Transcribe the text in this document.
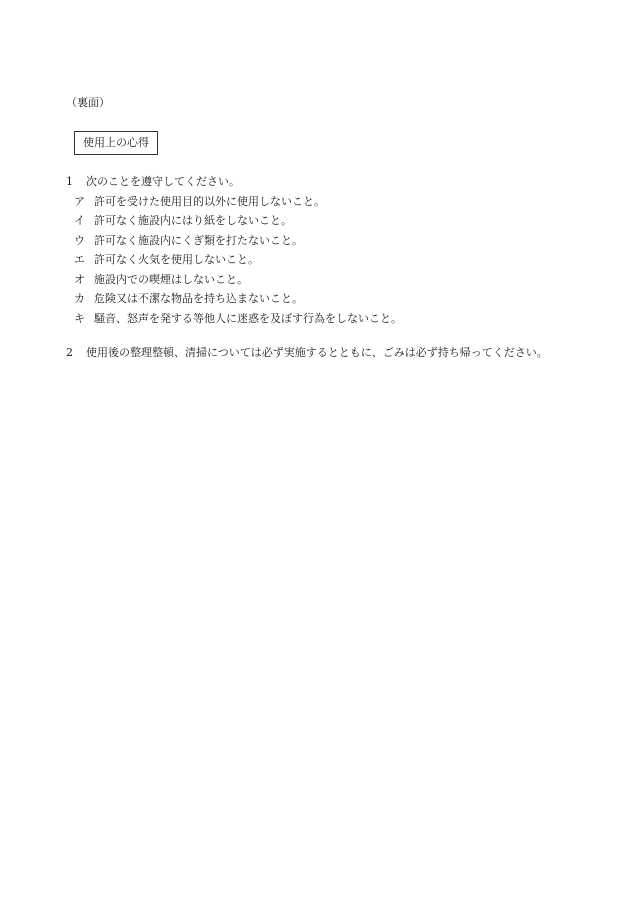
（裏面）
使用上の心得
1 次のことを遵守してください。
ア 許可を受けた使用目的以外に使用しないこと。
イ 許可なく施設内にはり紙をしないこと。
ウ 許可なく施設内にくぎ類を打たないこと。
エ 許可なく火気を使用しないこと。
オ 施設内での喫煙はしないこと。
カ 危険又は不潔な物品を持ち込まないこと。
キ 騒音、怒声を発する等他人に迷惑を及ぼす行為をしないこと。
2 使用後の整理整頓、清掃については必ず実施するとともに、ごみは必ず持ち帰ってください。
